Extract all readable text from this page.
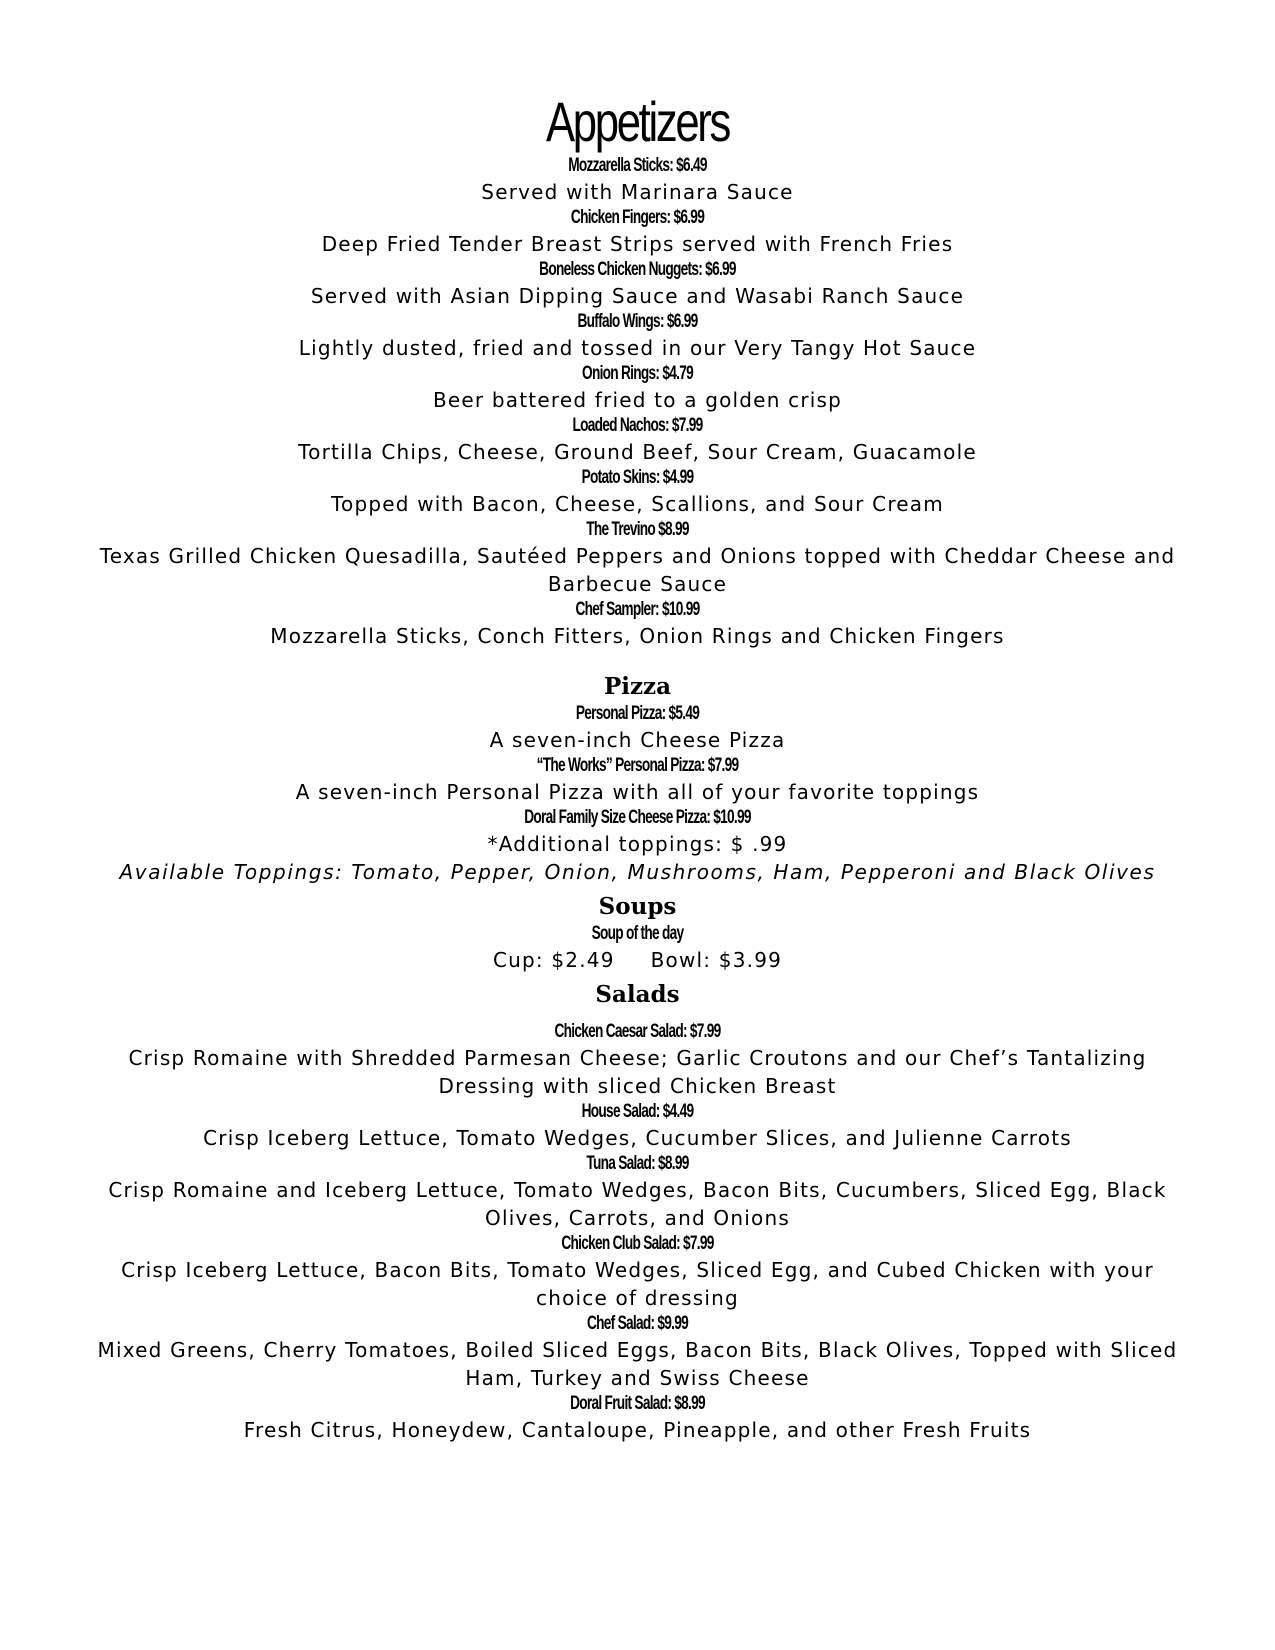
Appetizers
Mozzarella Sticks: $6.49
Served with Marinara Sauce
Chicken Fingers: $6.99
Deep Fried Tender Breast Strips served with French Fries
Boneless Chicken Nuggets: $6.99
Served with Asian Dipping Sauce and Wasabi Ranch Sauce
Buffalo Wings: $6.99
Lightly dusted, fried and tossed in our Very Tangy Hot Sauce
Onion Rings: $4.79
Beer battered fried to a golden crisp
Loaded Nachos: $7.99
Tortilla Chips, Cheese, Ground Beef, Sour Cream, Guacamole
Potato Skins: $4.99
Topped with Bacon, Cheese, Scallions, and Sour Cream
The Trevino $8.99
Texas Grilled Chicken Quesadilla, Sautéed Peppers and Onions topped with Cheddar Cheese and Barbecue Sauce
Chef Sampler: $10.99
Mozzarella Sticks, Conch Fitters, Onion Rings and Chicken Fingers
Pizza
Personal Pizza: $5.49
A seven-inch Cheese Pizza
“The Works” Personal Pizza: $7.99
A seven-inch Personal Pizza with all of your favorite toppings
Doral Family Size Cheese Pizza: $10.99
*Additional toppings: $ .99
Available Toppings: Tomato, Pepper, Onion, Mushrooms, Ham, Pepperoni and Black Olives
Soups
Soup of the day
Cup: $2.49 Bowl: $3.99
Salads
Chicken Caesar Salad: $7.99
Crisp Romaine with Shredded Parmesan Cheese; Garlic Croutons and our Chef’s Tantalizing Dressing with sliced Chicken Breast
House Salad: $4.49
Crisp Iceberg Lettuce, Tomato Wedges, Cucumber Slices, and Julienne Carrots
Tuna Salad: $8.99
Crisp Romaine and Iceberg Lettuce, Tomato Wedges, Bacon Bits, Cucumbers, Sliced Egg, Black Olives, Carrots, and Onions
Chicken Club Salad: $7.99
Crisp Iceberg Lettuce, Bacon Bits, Tomato Wedges, Sliced Egg, and Cubed Chicken with your choice of dressing
Chef Salad: $9.99
Mixed Greens, Cherry Tomatoes, Boiled Sliced Eggs, Bacon Bits, Black Olives, Topped with Sliced Ham, Turkey and Swiss Cheese
Doral Fruit Salad: $8.99
Fresh Citrus, Honeydew, Cantaloupe, Pineapple, and other Fresh Fruits
